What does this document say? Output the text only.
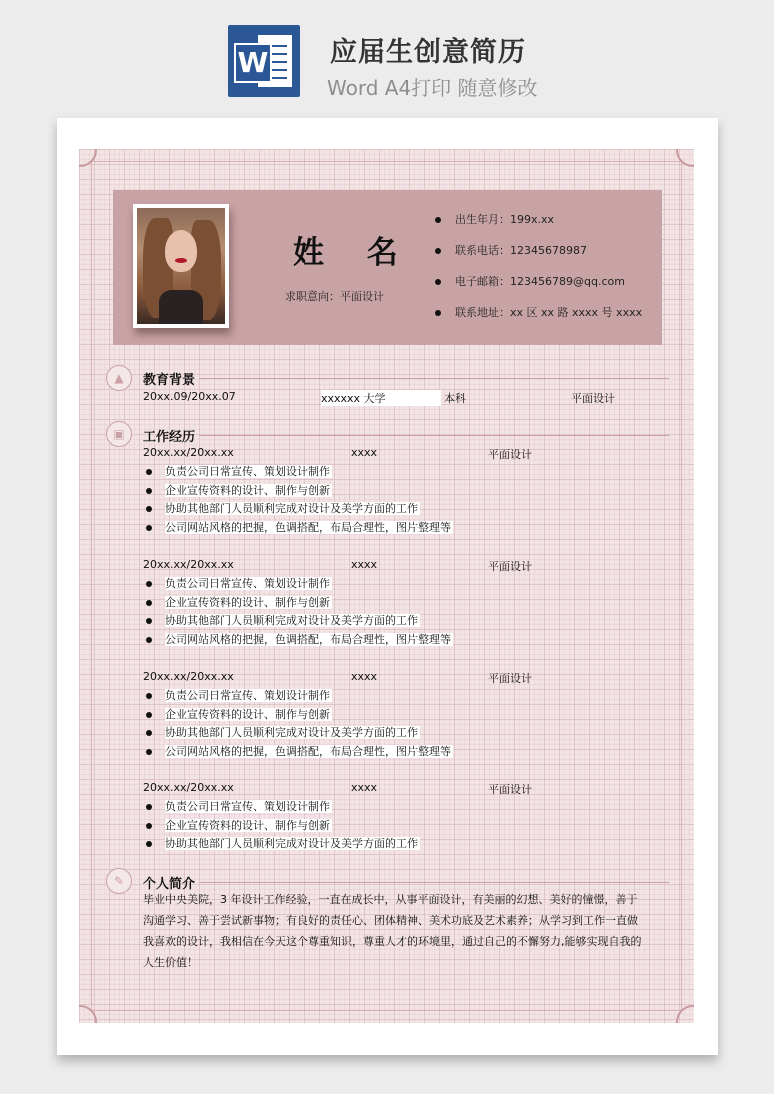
W 应届生创意简历
Word A4打印 随意修改
姓 名
求职意向：平面设计
出生年月：199x.xx
联系电话：12345678987
电子邮箱：123456789@qq.com
联系地址：xx 区 xx 路 xxxx 号 xxxx
▲	教育背景
20xx.09/20xx.07	xxxxxx 大学	本科	平面设计
▣	工作经历
20xx.xx/20xx.xx	xxxx	平面设计
负责公司日常宣传、策划设计制作
企业宣传资料的设计、制作与创新
协助其他部门人员顺利完成对设计及美学方面的工作
公司网站风格的把握，色调搭配，布局合理性，图片整理等
20xx.xx/20xx.xx	xxxx	平面设计
负责公司日常宣传、策划设计制作
企业宣传资料的设计、制作与创新
协助其他部门人员顺利完成对设计及美学方面的工作
公司网站风格的把握，色调搭配，布局合理性，图片整理等
20xx.xx/20xx.xx	xxxx	平面设计
负责公司日常宣传、策划设计制作
企业宣传资料的设计、制作与创新
协助其他部门人员顺利完成对设计及美学方面的工作
公司网站风格的把握，色调搭配，布局合理性，图片整理等
20xx.xx/20xx.xx	xxxx	平面设计
负责公司日常宣传、策划设计制作
企业宣传资料的设计、制作与创新
协助其他部门人员顺利完成对设计及美学方面的工作
✎	个人简介
毕业中央美院，3 年设计工作经验，一直在成长中，从事平面设计，有美丽的幻想、美好的憧憬，善于沟通学习、善于尝试新事物；有良好的责任心、团体精神、美术功底及艺术素养；从学习到工作一直做我喜欢的设计，我相信在今天这个尊重知识，尊重人才的环境里，通过自己的不懈努力,能够实现自我的人生价值！
